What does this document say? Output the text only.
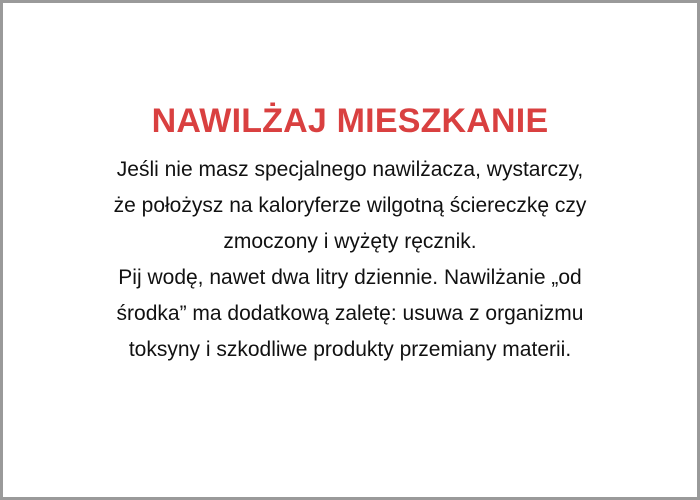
NAWILŻAJ MIESZKANIE
Jeśli nie masz specjalnego nawilżacza, wystarczy,
że położysz na kaloryferze wilgotną ściereczkę czy
zmoczony i wyżęty ręcznik.
Pij wodę, nawet dwa litry dziennie. Nawilżanie „od
środka” ma dodatkową zaletę: usuwa z organizmu
toksyny i szkodliwe produkty przemiany materii.
